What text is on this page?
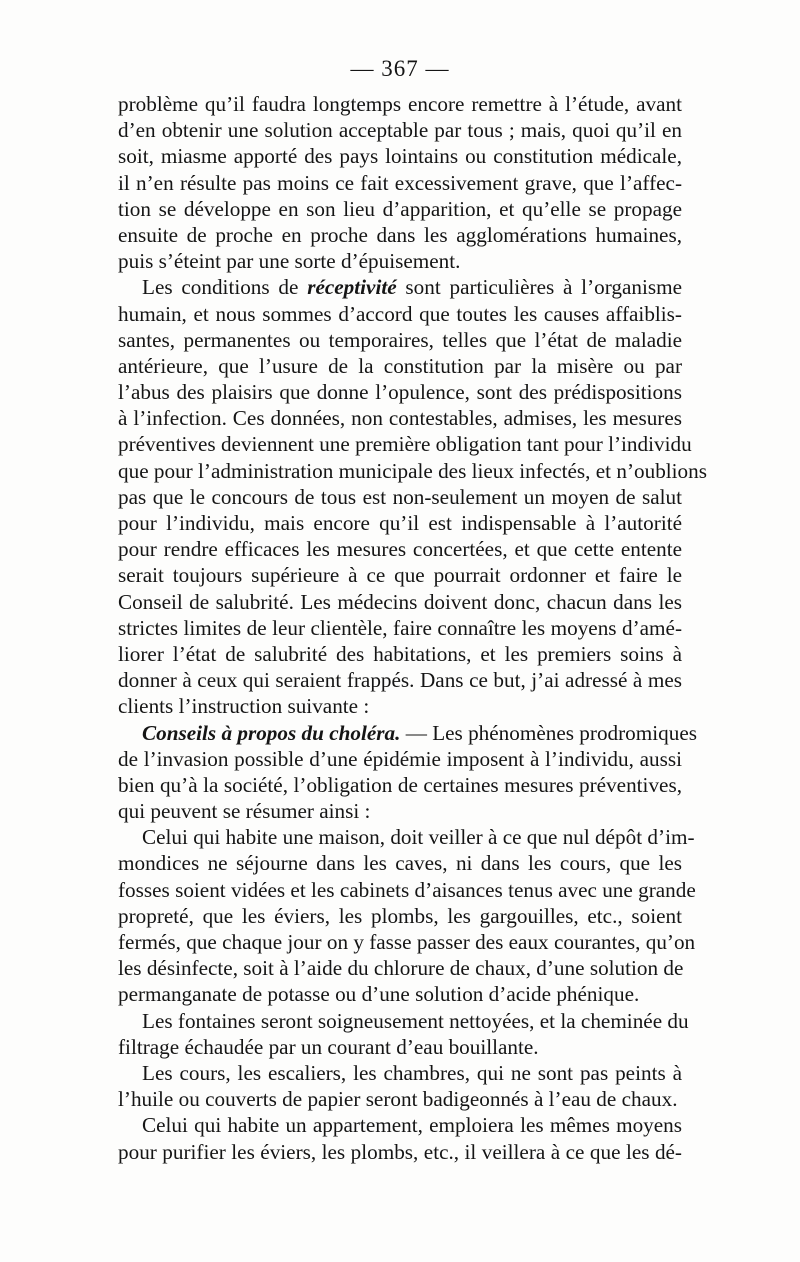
— 367 —
problème qu’il faudra longtemps encore remettre à l’étude, avant
d’en obtenir une solution acceptable par tous ; mais, quoi qu’il en
soit, miasme apporté des pays lointains ou constitution médicale,
il n’en résulte pas moins ce fait excessivement grave, que l’affec-
tion se développe en son lieu d’apparition, et qu’elle se propage
ensuite de proche en proche dans les agglomérations humaines,
puis s’éteint par une sorte d’épuisement.
Les conditions de réceptivité sont particulières à l’organisme
humain, et nous sommes d’accord que toutes les causes affaiblis-
santes, permanentes ou temporaires, telles que l’état de maladie
antérieure, que l’usure de la constitution par la misère ou par
l’abus des plaisirs que donne l’opulence, sont des prédispositions
à l’infection. Ces données, non contestables, admises, les mesures
préventives deviennent une première obligation tant pour l’individu
que pour l’administration municipale des lieux infectés, et n’oublions
pas que le concours de tous est non-seulement un moyen de salut
pour l’individu, mais encore qu’il est indispensable à l’autorité
pour rendre efficaces les mesures concertées, et que cette entente
serait toujours supérieure à ce que pourrait ordonner et faire le
Conseil de salubrité. Les médecins doivent donc, chacun dans les
strictes limites de leur clientèle, faire connaître les moyens d’amé-
liorer l’état de salubrité des habitations, et les premiers soins à
donner à ceux qui seraient frappés. Dans ce but, j’ai adressé à mes
clients l’instruction suivante :
Conseils à propos du choléra. — Les phénomènes prodromiques
de l’invasion possible d’une épidémie imposent à l’individu, aussi
bien qu’à la société, l’obligation de certaines mesures préventives,
qui peuvent se résumer ainsi :
Celui qui habite une maison, doit veiller à ce que nul dépôt d’im-
mondices ne séjourne dans les caves, ni dans les cours, que les
fosses soient vidées et les cabinets d’aisances tenus avec une grande
propreté, que les éviers, les plombs, les gargouilles, etc., soient
fermés, que chaque jour on y fasse passer des eaux courantes, qu’on
les désinfecte, soit à l’aide du chlorure de chaux, d’une solution de
permanganate de potasse ou d’une solution d’acide phénique.
Les fontaines seront soigneusement nettoyées, et la cheminée du
filtrage échaudée par un courant d’eau bouillante.
Les cours, les escaliers, les chambres, qui ne sont pas peints à
l’huile ou couverts de papier seront badigeonnés à l’eau de chaux.
Celui qui habite un appartement, emploiera les mêmes moyens
pour purifier les éviers, les plombs, etc., il veillera à ce que les dé-
